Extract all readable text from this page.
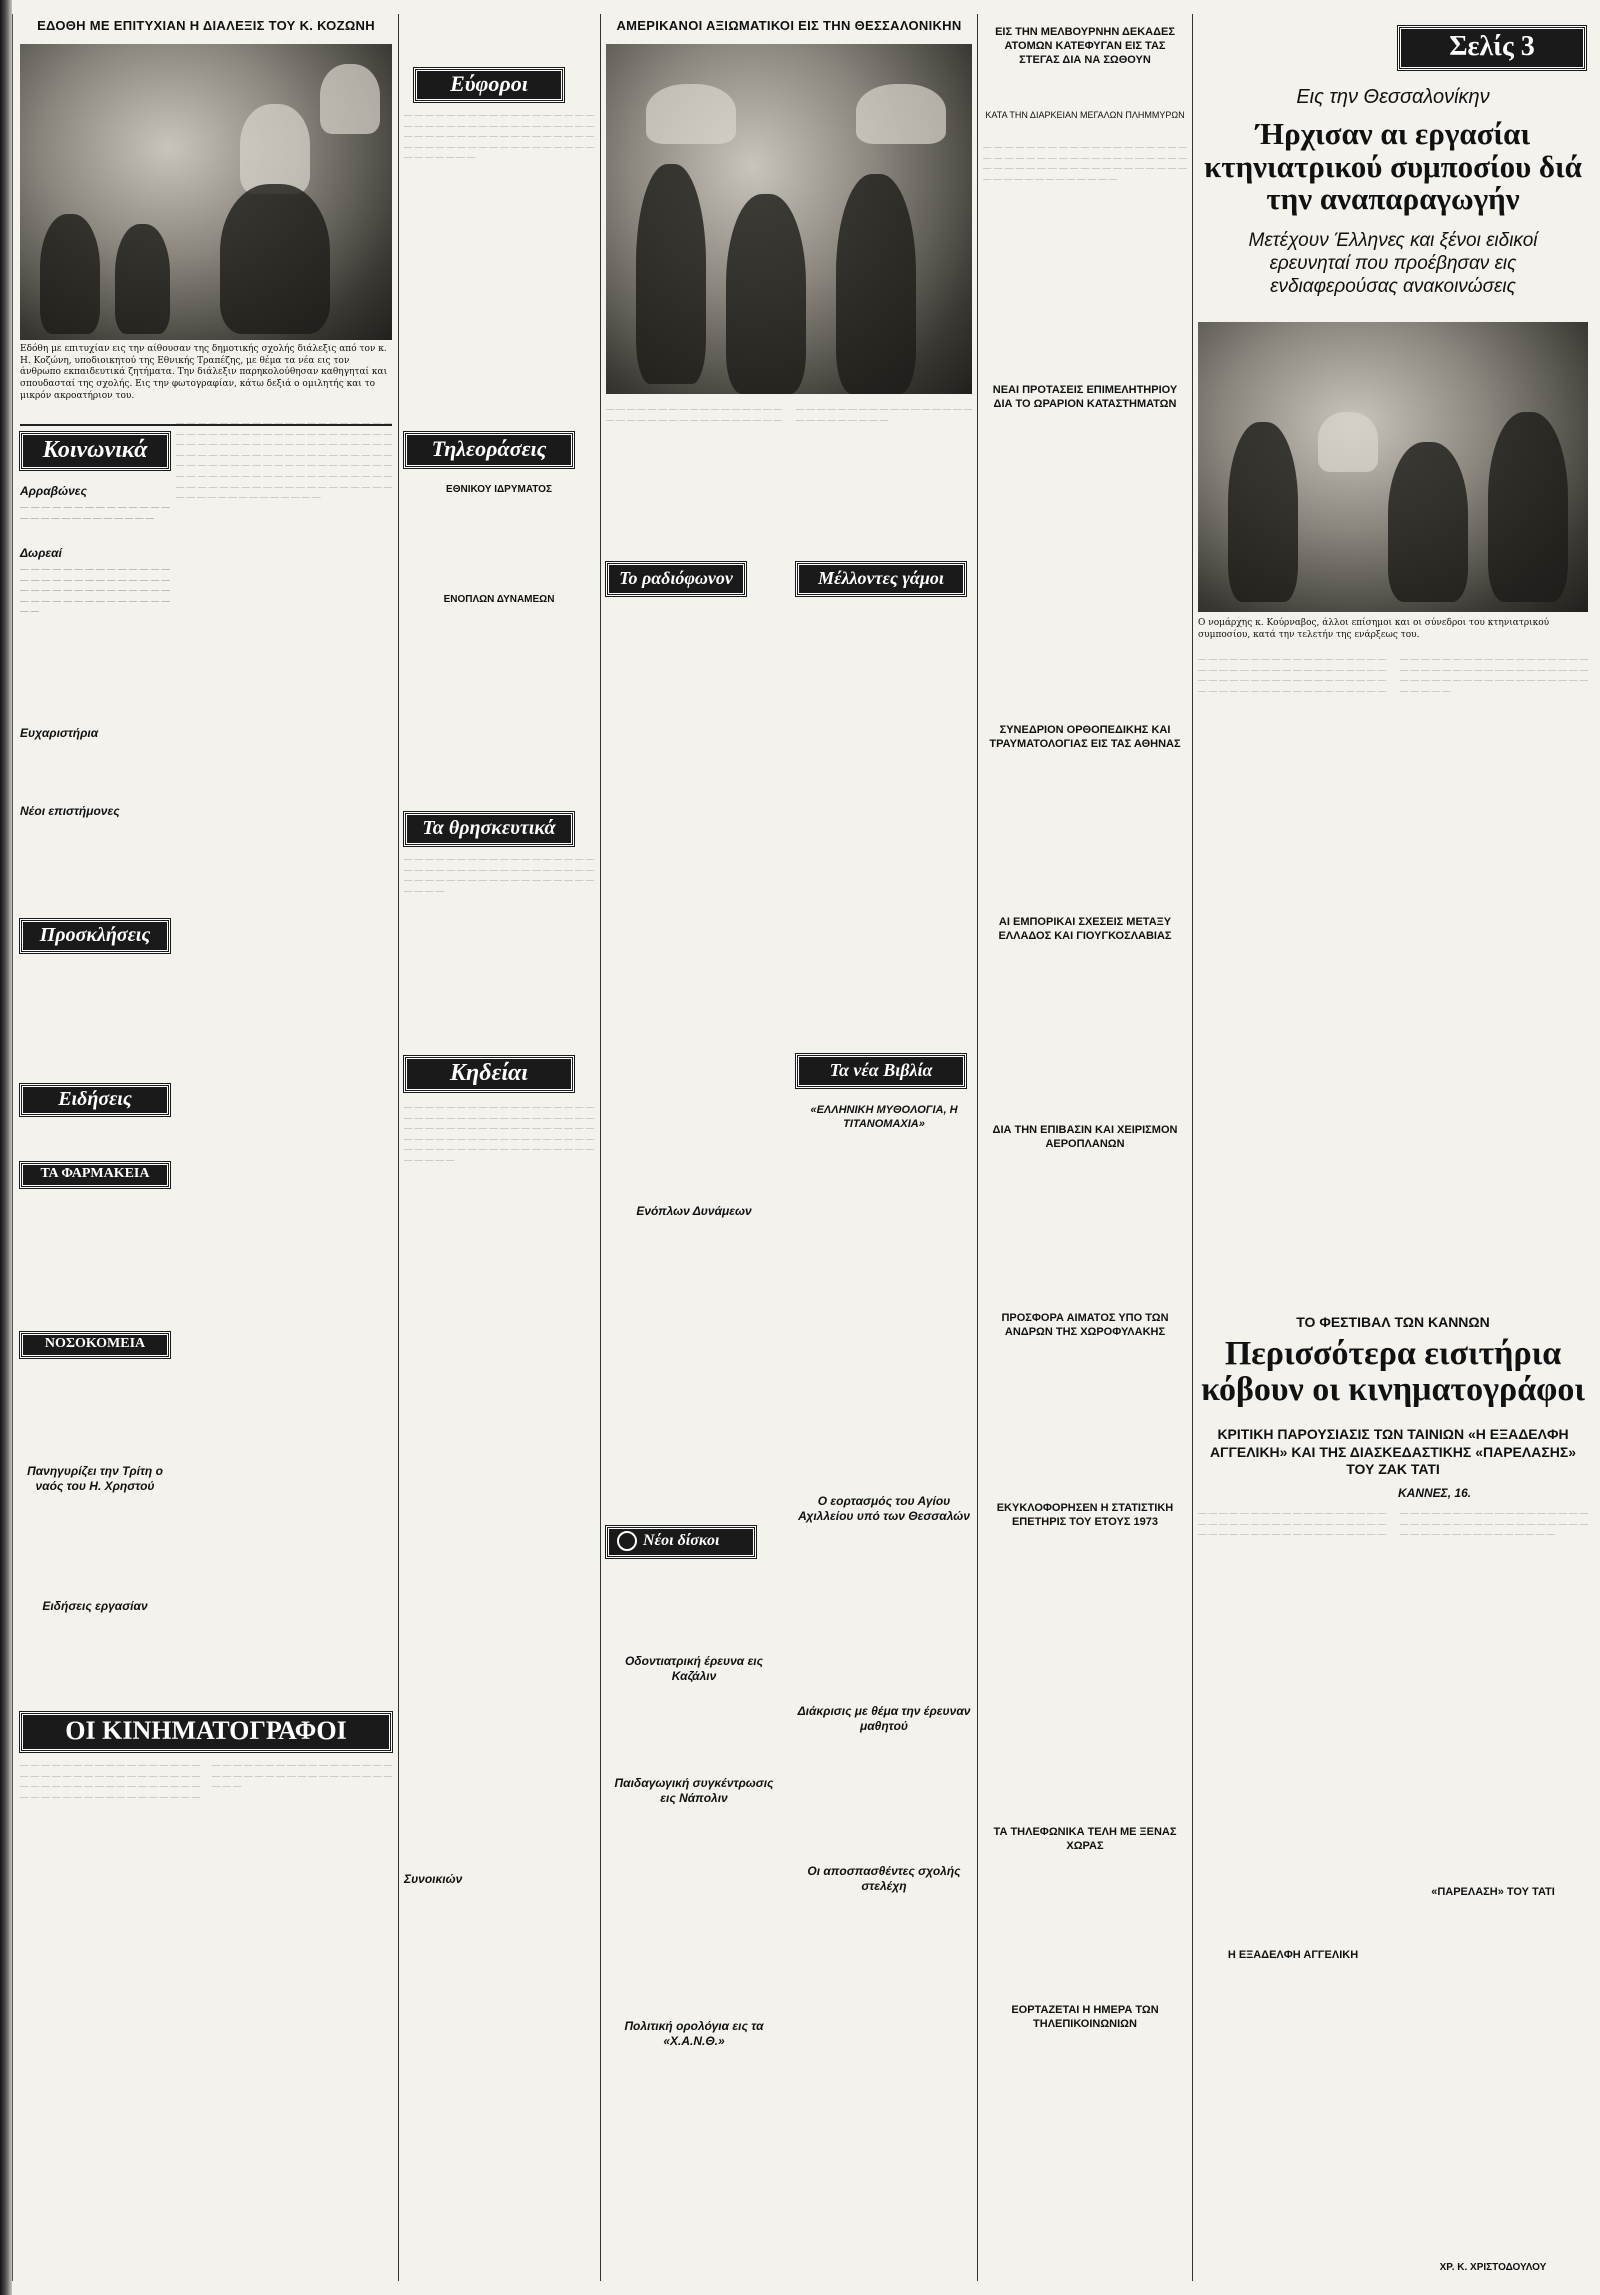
ΕΔΟΘΗ ΜΕ ΕΠΙΤΥΧΙΑΝ Η ΔΙΑΛΕΞΙΣ ΤΟΥ Κ. ΚΟΖΩΝΗ
Εδόθη με επιτυχίαν εις την αίθουσαν της δημοτικής σχολής διάλεξις από τον κ. Η. Κοζώνη, υποδιοικητού της Εθνικής Τραπέζης, με θέμα τα νέα εις τον άνθρωπο εκπαιδευτικά ζητήματα. Την διάλεξιν παρηκολούθησαν καθηγηταί και σπουδασταί της σχολής. Εις την φωτογραφίαν, κάτω δεξιά ο ομιλητής και το μικρόν ακροατήριον του.
Κοινωνικά
Αρραβώνες
— — — — — — — — — — — — — — — — — — — — — — — — — — —
Δωρεαί
— — — — — — — — — — — — — — — — — — — — — — — — — — — — — — — — — — — — — — — — — — — — — — — — — — — — — — — — — —
Ευχαριστήρια
Νέοι επιστήμονες
Προσκλήσεις
Ειδήσεις
ΤΑ ΦΑΡΜΑΚΕΙΑ
ΝΟΣΟΚΟΜΕΙΑ
Πανηγυρίζει την Τρίτη ο ναός του Η. Χρηστού
Ειδήσεις εργασίαν
ΟΙ ΚΙΝΗΜΑΤΟΓΡΑΦΟΙ
— — — — — — — — — — — — — — — — — — — — — — — — — — — — — — — — — — — — — — — — — — — — — — — — — — — — — — — — — — — — — — — — — — — — — — — — — — — — — — — — — — — — — — — — — — — — — — — — — — — — — — — — —
— — — — — — — — — — — — — — — — — — — — — — — — — — — — — — — — — — — — — — — — — — — — — — — — — — — — — — — — — — — — — — — — — — — — — — — — — — — — — — — — — — — — — — — — — — — — — — — — — — — — — — — — — — — — — — — — — — — — — — — — — — — — — — — — — — — — — — — — — — — — — — — — — — — — — — — — — —
Εύφοροι
— — — — — — — — — — — — — — — — — — — — — — — — — — — — — — — — — — — — — — — — — — — — — — — — — — — — — — — — — — — — — — — — — — — — — — — — — — — — — — —
Τηλεοράσεις
ΕΘΝΙΚΟΥ ΙΔΡΥΜΑΤΟΣ
ΕΝΟΠΛΩΝ ΔΥΝΑΜΕΩΝ
Τα θρησκευτικά
Κηδείαι
Συνοικιών
— — — — — — — — — — — — — — — — — — — — — — — — — — — — — — — — — — — — — — — — — — — — — — — — — — — — — — — — — —
— — — — — — — — — — — — — — — — — — — — — — — — — — — — — — — — — — — — — — — — — — — — — — — — — — — — — — — — — — — — — — — — — — — — — — — — — — — — — — — — — — — — — — — — — — — — — — —
ΑΜΕΡΙΚΑΝΟΙ ΑΞΙΩΜΑΤΙΚΟΙ ΕΙΣ ΤΗΝ ΘΕΣΣΑΛΟΝΙΚΗΝ
Το ραδιόφωνον	Μέλλοντες γάμοι
Ενόπλων Δυνάμεων
Τα νέα Βιβλία
«ΕΛΛΗΝΙΚΗ ΜΥΘΟΛΟΓΙΑ, Η ΤΙΤΑΝΟΜΑΧΙΑ»
Νέοι δίσκοι
Ο εορτασμός του Αγίου Αχιλλείου υπό των Θεσσαλών
Οδοντιατρική έρευνα εις Καζάλιν
Παιδαγωγική συγκέντρωσις εις Νάπολιν
Διάκρισις με θέμα την έρευναν μαθητού
Οι αποσπασθέντες σχολής στελέχη
Πολιτική ορολόγια εις τα «Χ.Α.Ν.Θ.»
— — — — — — — — — — — — — — — — — — — — — — — — — — — — — — — — — — — — — — — — — — — — — — — — — — — — — — — — — — — —
ΕΙΣ ΤΗΝ ΜΕΛΒΟΥΡΝΗΝ ΔΕΚΑΔΕΣ ΑΤΟΜΩΝ ΚΑΤΕΦΥΓΑΝ ΕΙΣ ΤΑΣ ΣΤΕΓΑΣ ΔΙΑ ΝΑ ΣΩΘΟΥΝ
ΚΑΤΑ ΤΗΝ ΔΙΑΡΚΕΙΑΝ ΜΕΓΑΛΩΝ ΠΛΗΜΜΥΡΩΝ
— — — — — — — — — — — — — — — — — — — — — — — — — — — — — — — — — — — — — — — — — — — — — — — — — — — — — — — — — — — — — — — — — — — — — —
ΝΕΑΙ ΠΡΟΤΑΣΕΙΣ ΕΠΙΜΕΛΗΤΗΡΙΟΥ ΔΙΑ ΤΟ ΩΡΑΡΙΟΝ ΚΑΤΑΣΤΗΜΑΤΩΝ
ΣΥΝΕΔΡΙΟΝ ΟΡΘΟΠΕΔΙΚΗΣ ΚΑΙ ΤΡΑΥΜΑΤΟΛΟΓΙΑΣ ΕΙΣ ΤΑΣ ΑΘΗΝΑΣ
ΑΙ ΕΜΠΟΡΙΚΑΙ ΣΧΕΣΕΙΣ ΜΕΤΑΞΥ ΕΛΛΑΔΟΣ ΚΑΙ ΓΙΟΥΓΚΟΣΛΑΒΙΑΣ
ΔΙΑ ΤΗΝ ΕΠΙΒΑΣΙΝ ΚΑΙ ΧΕΙΡΙΣΜΟΝ ΑΕΡΟΠΛΑΝΩΝ
ΠΡΟΣΦΟΡΑ ΑΙΜΑΤΟΣ ΥΠΟ ΤΩΝ ΑΝΔΡΩΝ ΤΗΣ ΧΩΡΟΦΥΛΑΚΗΣ
ΕΚΥΚΛΟΦΟΡΗΣΕΝ Η ΣΤΑΤΙΣΤΙΚΗ ΕΠΕΤΗΡΙΣ ΤΟΥ ΕΤΟΥΣ 1973
ΤΑ ΤΗΛΕΦΩΝΙΚΑ ΤΕΛΗ ΜΕ ΞΕΝΑΣ ΧΩΡΑΣ
ΕΟΡΤΑΖΕΤΑΙ Η ΗΜΕΡΑ ΤΩΝ ΤΗΛΕΠΙΚΟΙΝΩΝΙΩΝ
Σελίς 3
Εις την Θεσσαλονίκην
Ήρχισαν αι εργασίαι κτηνιατρικού συμποσίου διά την αναπαραγωγήν
Μετέχουν Έλληνες και ξένοι ειδικοί ερευνηταί που προέβησαν εις ενδιαφερούσας ανακοινώσεις
Ο νομάρχης κ. Κούρναβος, άλλοι επίσημοι και οι σύνεδροι του κτηνιατρικού συμποσίου, κατά την τελετήν της ενάρξεως του.
— — — — — — — — — — — — — — — — — — — — — — — — — — — — — — — — — — — — — — — — — — — — — — — — — — — — — — — — — — — — — — — — — — — — — — — — — — — — — — — — — — — — — — — — — — — — — — — — — — — — — — — — — — — — — — — — — — — — — — — — — — — — — — — — — — —
ΤΟ ΦΕΣΤΙΒΑΛ ΤΩΝ ΚΑΝΝΩΝ
Περισσότερα εισιτήρια κόβουν οι κινηματογράφοι
ΚΡΙΤΙΚΗ ΠΑΡΟΥΣΙΑΣΙΣ ΤΩΝ ΤΑΙΝΙΩΝ «Η ΕΞΑΔΕΛΦΗ ΑΓΓΕΛΙΚΗ» ΚΑΙ ΤΗΣ ΔΙΑΣΚΕΔΑΣΤΙΚΗΣ «ΠΑΡΕΛΑΣΗΣ» ΤΟΥ ΖΑΚ ΤΑΤΙ
ΚΑΝΝΕΣ, 16.
Η ΕΞΑΔΕΛΦΗ ΑΓΓΕΛΙΚΗ
«ΠΑΡΕΛΑΣΗ» ΤΟΥ ΤΑΤΙ
— — — — — — — — — — — — — — — — — — — — — — — — — — — — — — — — — — — — — — — — — — — — — — — — — — — — — — — — — — — — — — — — — — — — — — — — — — — — — — — — — — — — — — — — — — — — — — — — — — — — — — — — —
ΧΡ. Κ. ΧΡΙΣΤΟΔΟΥΛΟΥ
